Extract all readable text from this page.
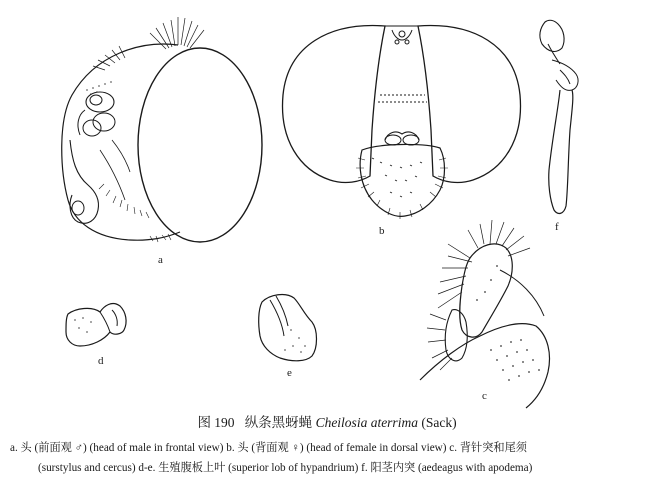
a
b	f
d
e
c
图 190 纵条黑蚜蝇 Cheilosia aterrima (Sack)
a. 头 (前面观 ♂) (head of male in frontal view) b. 头 (背面观 ♀) (head of female in dorsal view) c. 背针突和尾须
(surstylus and cercus) d-e. 生殖腹板上叶 (superior lob of hypandrium) f. 阳茎内突 (aedeagus with apodema)
